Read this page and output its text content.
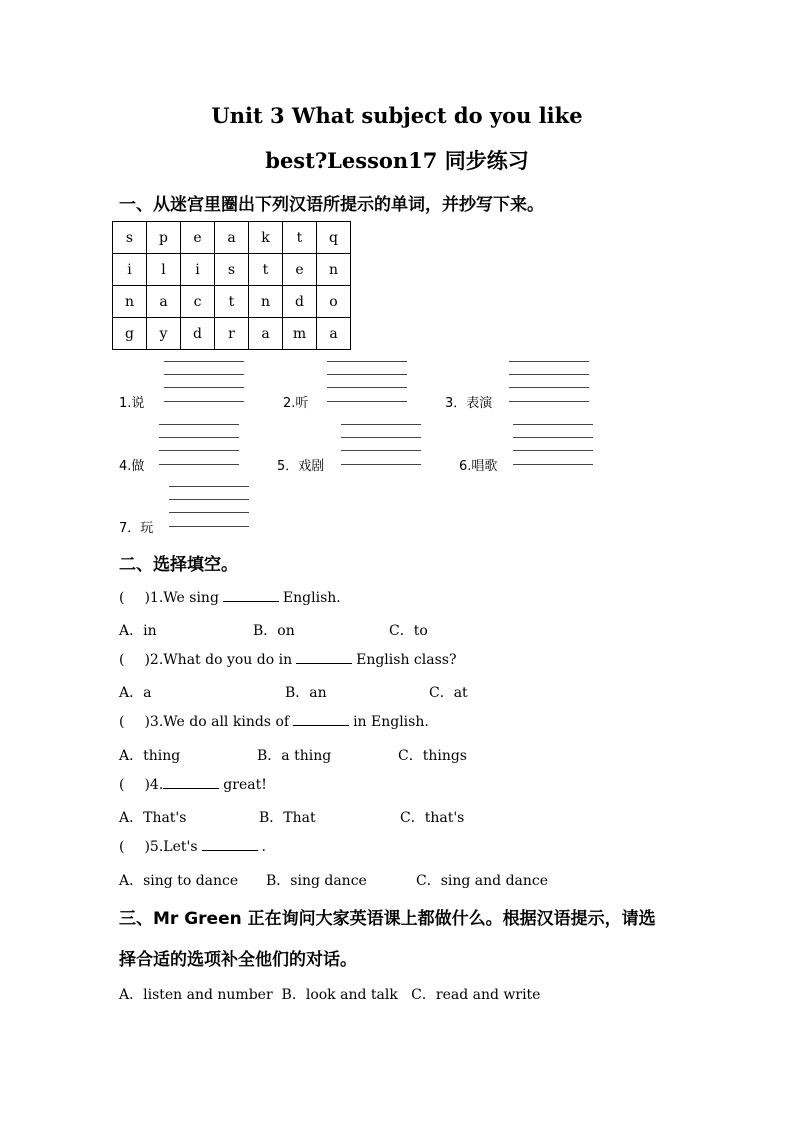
Unit 3 What subject do you like
best?Lesson17 同步练习
一、从迷宫里圈出下列汉语所提示的单词，并抄写下来。
s	p	e	a	k	t	q
i	l	i	s	t	e	n
n	a	c	t	n	d	o
g	y	d	r	a	m	a
1.说	2.听	3．表演
4.做	5．戏剧	6.唱歌
7．玩
二、选择填空。
( )1.We sing	English.
A．in	B．on	C．to
( )2.What do you do in	English class?
A．a	B．an	C．at
( )3.We do all kinds of	in English.
A．thing	B．a thing	C．things
( )4.	great!
A．That's	B．That	C．that's
( )5.Let's	.
A．sing to dance B．sing dance	C．sing and dance
三、Mr Green 正在询问大家英语课上都做什么。根据汉语提示，请选
择合适的选项补全他们的对话。
A．listen and number  B．look and talk   C．read and write
